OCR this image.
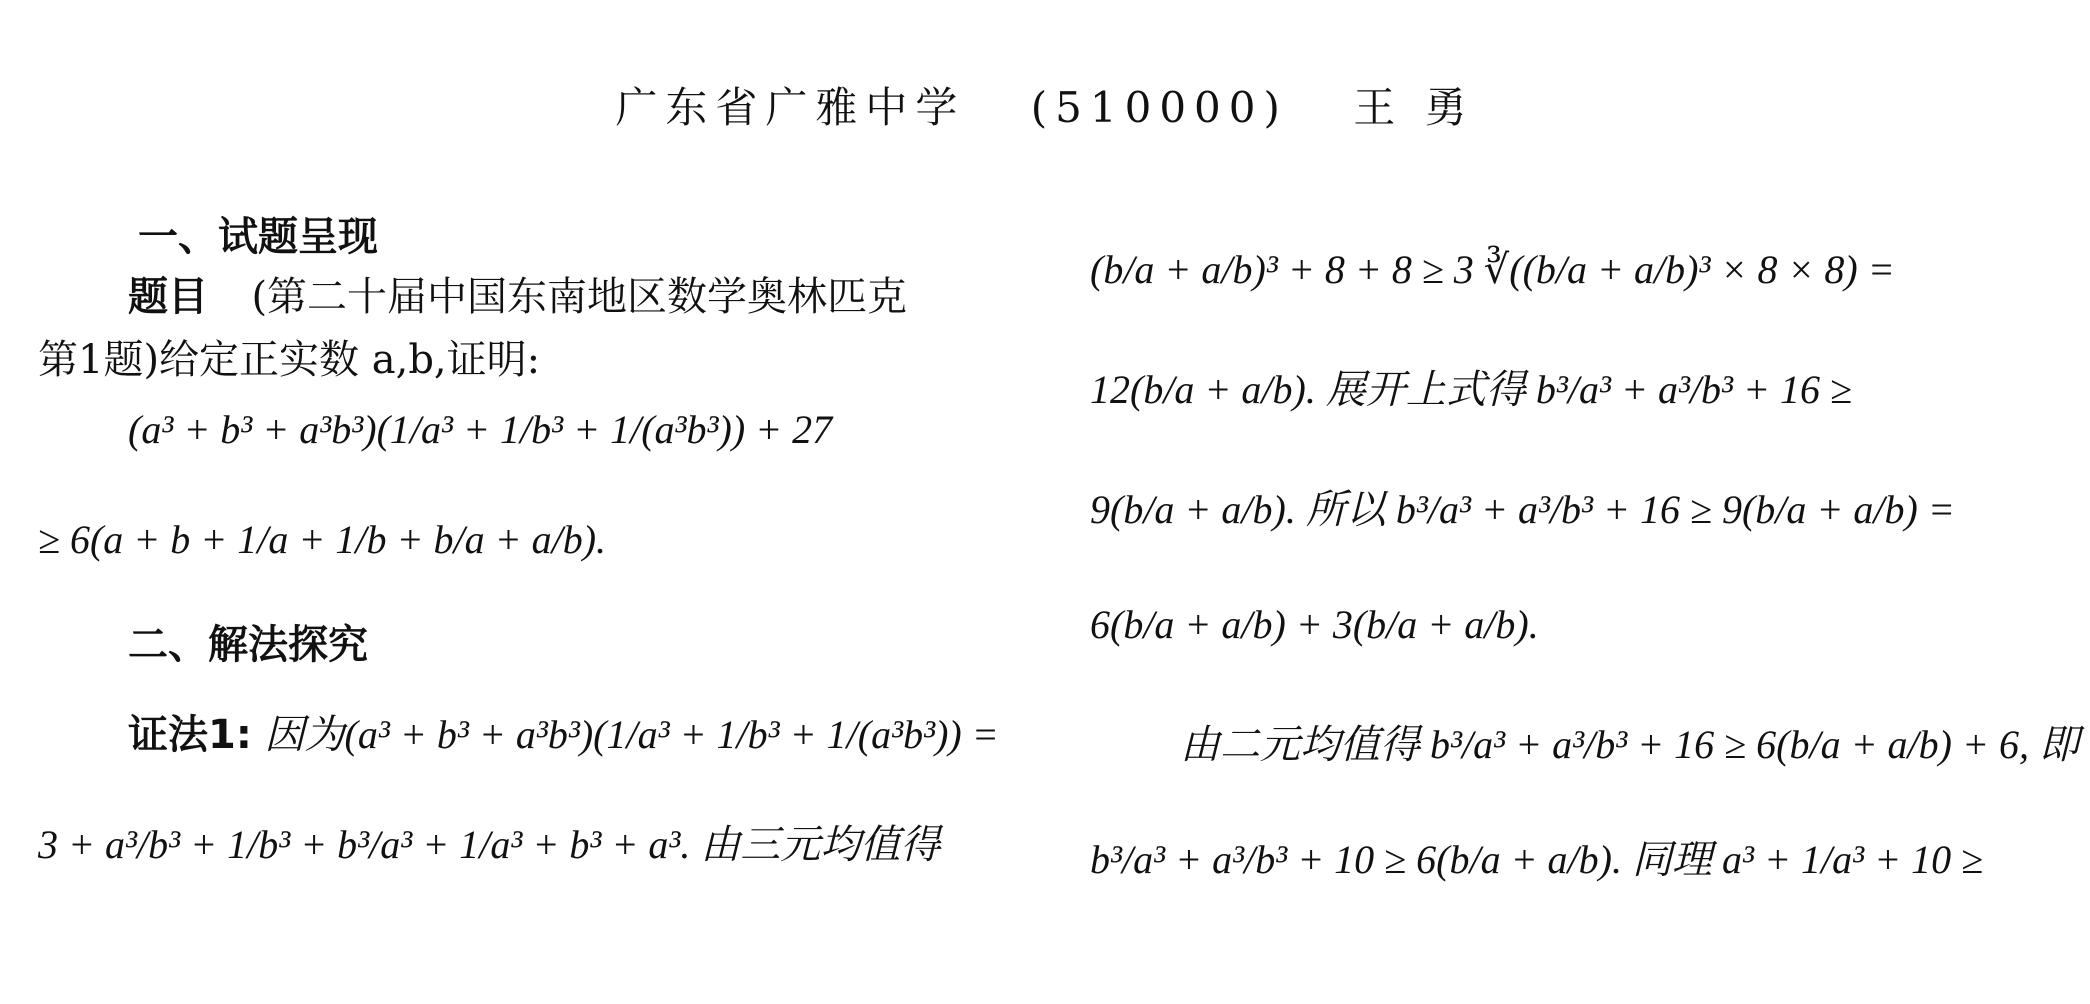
广东省广雅中学 (510000) 王 勇
一、试题呈现
题目 (第二十届中国东南地区数学奥林匹克
第1题)给定正实数 a,b,证明:
(a³ + b³ + a³b³)(1/a³ + 1/b³ + 1/(a³b³)) + 27
≥ 6(a + b + 1/a + 1/b + b/a + a/b).
二、解法探究
证法1: 因为(a³ + b³ + a³b³)(1/a³ + 1/b³ + 1/(a³b³)) =
3 + a³/b³ + 1/b³ + b³/a³ + 1/a³ + b³ + a³. 由三元均值得
(b/a + a/b)³ + 8 + 8 ≥ 3 ∛((b/a + a/b)³ × 8 × 8) =
12(b/a + a/b). 展开上式得 b³/a³ + a³/b³ + 16 ≥
9(b/a + a/b). 所以 b³/a³ + a³/b³ + 16 ≥ 9(b/a + a/b) =
6(b/a + a/b) + 3(b/a + a/b).
由二元均值得 b³/a³ + a³/b³ + 16 ≥ 6(b/a + a/b) + 6, 即
b³/a³ + a³/b³ + 10 ≥ 6(b/a + a/b). 同理 a³ + 1/a³ + 10 ≥
